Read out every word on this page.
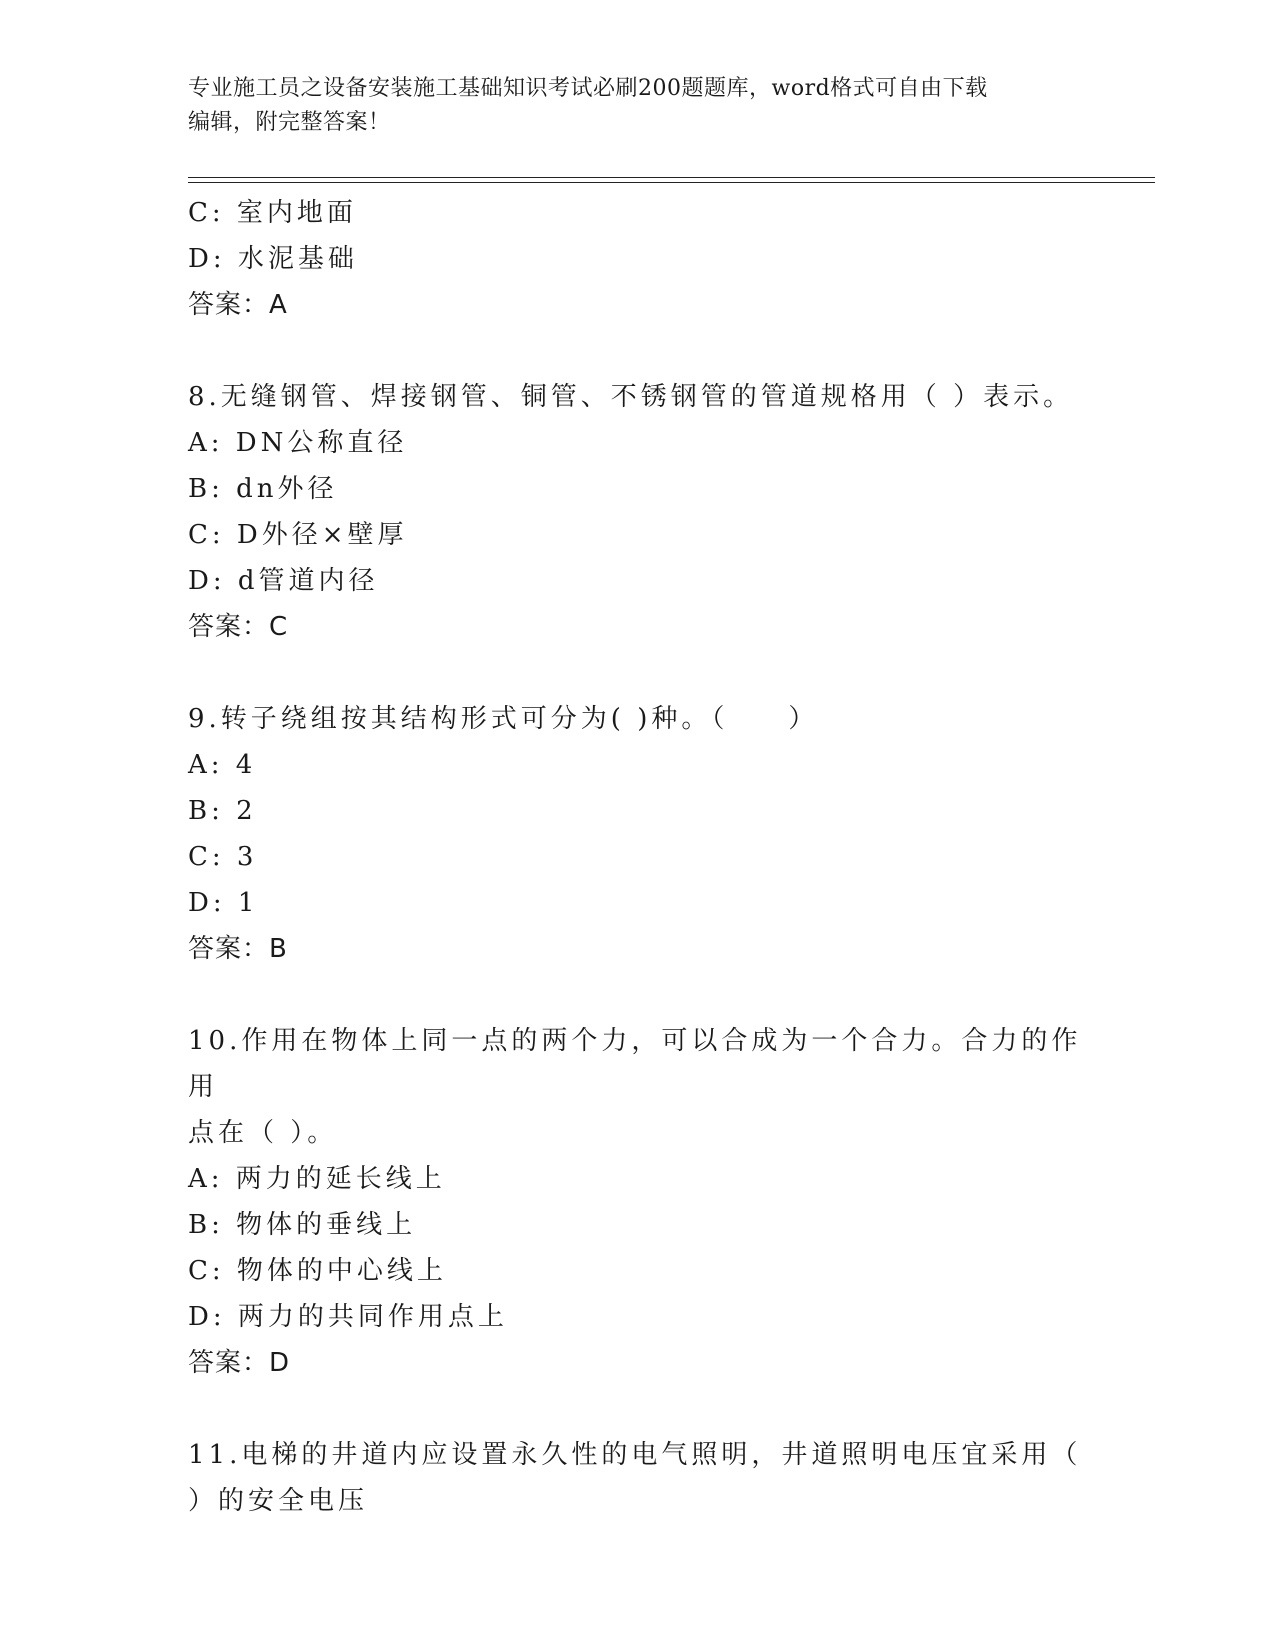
专业施工员之设备安装施工基础知识考试必刷200题题库，word格式可自由下载
编辑，附完整答案！
C: 室内地面
D: 水泥基础
答案：A
8.无缝钢管、焊接钢管、铜管、不锈钢管的管道规格用（ ）表示。
A: DN公称直径
B: dn外径
C: D外径×壁厚
D: d管道内径
答案：C
9.转子绕组按其结构形式可分为( )种。（　　）
A: 4
B: 2
C: 3
D: 1
答案：B
10.作用在物体上同一点的两个力，可以合成为一个合力。合力的作用
点在（ ）。
A: 两力的延长线上
B: 物体的垂线上
C: 物体的中心线上
D: 两力的共同作用点上
答案：D
11.电梯的井道内应设置永久性的电气照明，井道照明电压宜采用（
）的安全电压
